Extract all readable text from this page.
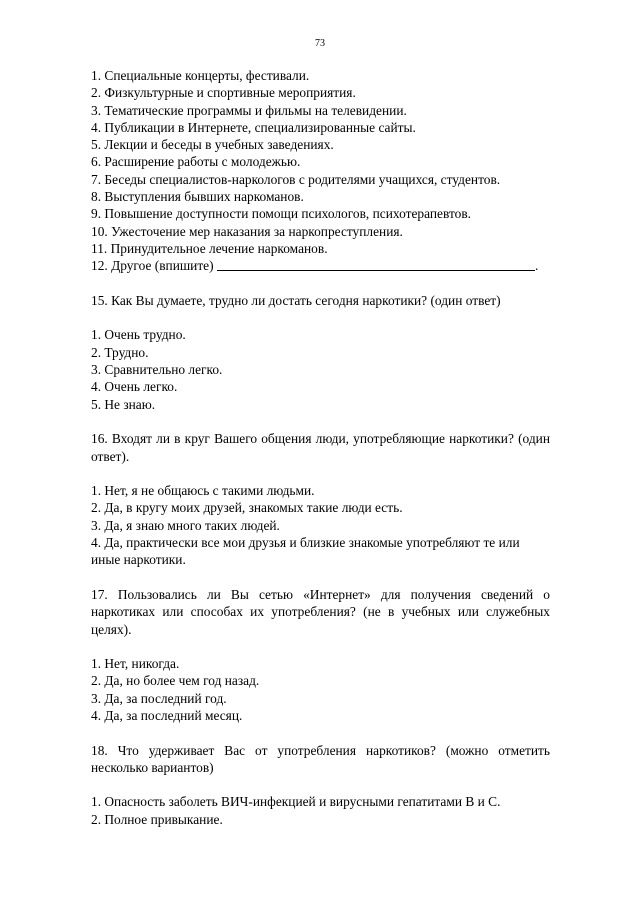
73
1. Специальные концерты, фестивали.
2. Физкультурные и спортивные мероприятия.
3. Тематические программы и фильмы на телевидении.
4. Публикации в Интернете, специализированные сайты.
5. Лекции и беседы в учебных заведениях.
6. Расширение работы с молодежью.
7. Беседы специалистов-наркологов с родителями учащихся, студентов.
8. Выступления бывших наркоманов.
9. Повышение доступности помощи психологов, психотерапевтов.
10. Ужесточение мер наказания за наркопреступления.
11. Принудительное лечение наркоманов.
12. Другое (впишите)	.

15. Как Вы думаете, трудно ли достать сегодня наркотики? (один ответ)

1. Очень трудно.
2. Трудно.
3. Сравнительно легко.
4. Очень легко.
5. Не знаю.

16. Входят ли в круг Вашего общения люди, употребляющие наркотики? (один ответ).

1. Нет, я не общаюсь с такими людьми.
2. Да, в кругу моих друзей, знакомых такие люди есть.
3. Да, я знаю много таких людей.
4. Да, практически все мои друзья и близкие знакомые употребляют те или иные наркотики.

17. Пользовались ли Вы сетью «Интернет» для получения сведений о наркотиках или способах их употребления? (не в учебных или служебных целях).

1. Нет, никогда.
2. Да, но более чем год назад.
3. Да, за последний год.
4. Да, за последний месяц.

18. Что удерживает Вас от употребления наркотиков? (можно отметить несколько вариантов)

1. Опасность заболеть ВИЧ-инфекцией и вирусными гепатитами В и С.
2. Полное привыкание.
